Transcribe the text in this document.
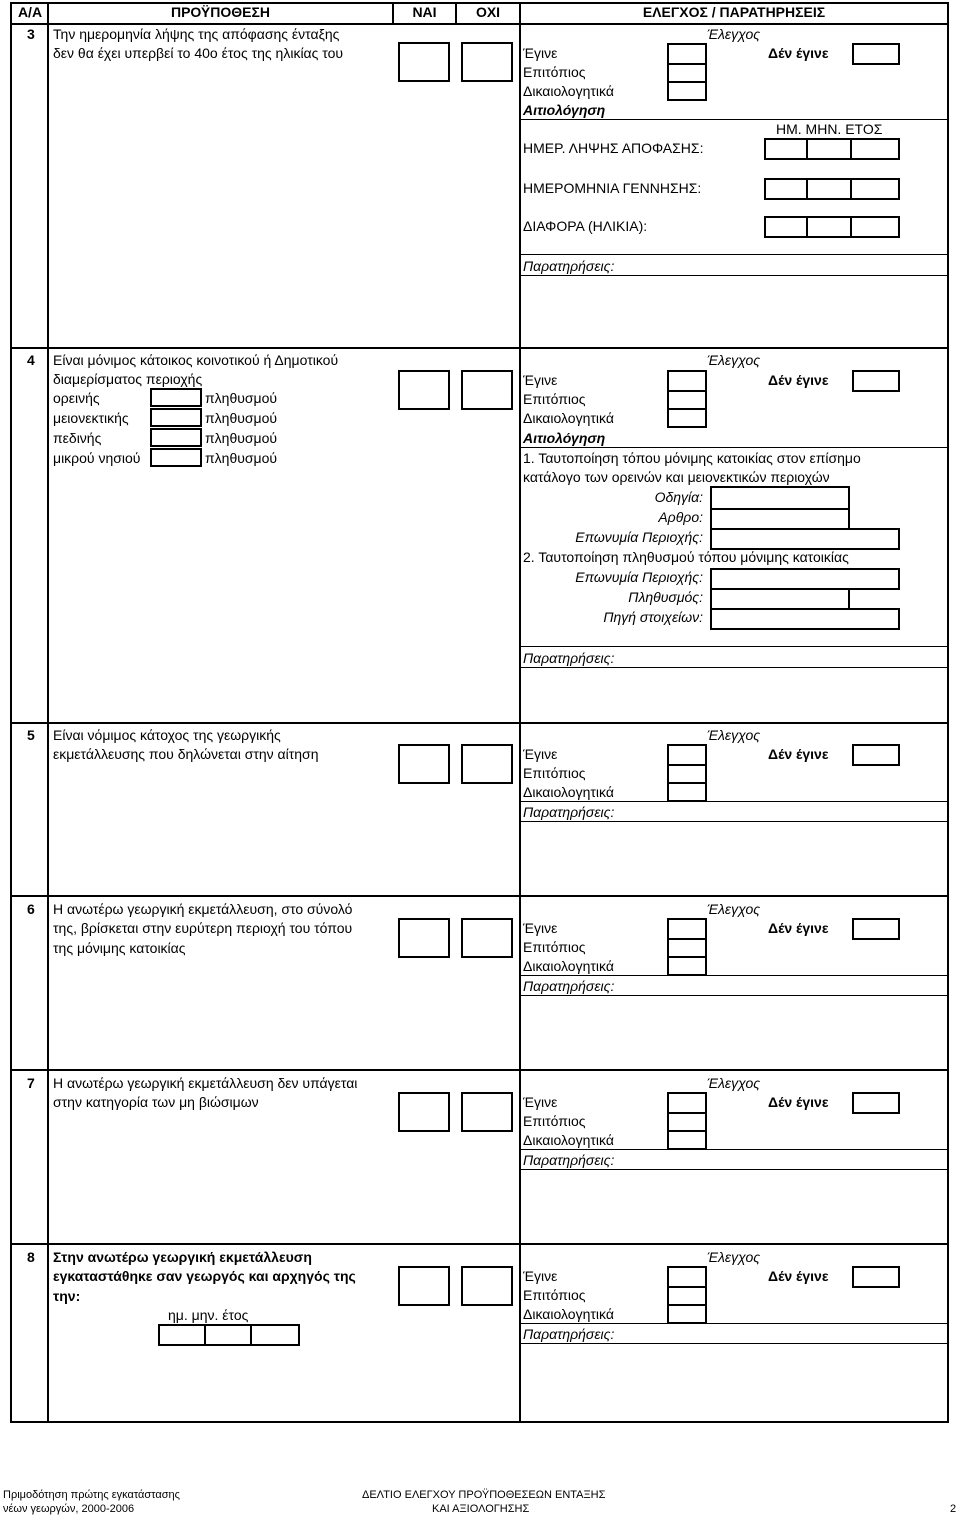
Α/Α	ΠΡΟΫΠΟΘΕΣΗ	ΝΑΙ	ΟΧΙ	ΕΛΕΓΧΟΣ / ΠΑΡΑΤΗΡΗΣΕΙΣ
3 Την ημερομηνία λήψης της απόφασης ένταξης
δεν θα έχει υπερβεί το 40ο έτος της ηλικίας του
Έλεγχος
Έγινε	Δέν έγινε
Επιτόπιος
Δικαιολογητικά
Αιτιολόγηση
ΗΜ. ΜΗΝ. ΕΤΟΣ
ΗΜΕΡ. ΛΗΨΗΣ ΑΠΟΦΑΣΗΣ:
ΗΜΕΡΟΜΗΝΙΑ ΓΕΝΝΗΣΗΣ:
ΔΙΑΦΟΡΑ (ΗΛΙΚΙΑ):
Παρατηρήσεις:
4 Είναι μόνιμος κάτοικος κοινοτικού ή Δημοτικού
διαμερίσματος περιοχής
ορεινής	πληθυσμού
μειονεκτικής	πληθυσμού
πεδινής	πληθυσμού
μικρού νησιού	πληθυσμού
Έλεγχος
Έγινε	Δέν έγινε
Επιτόπιος
Δικαιολογητικά
Αιτιολόγηση
1. Ταυτοποίηση τόπου μόνιμης κατοικίας στον επίσημο
κατάλογο των ορεινών και μειονεκτικών περιοχών
Οδηγία:
Αρθρο:
Επωνυμία Περιοχής:
2. Ταυτοποίηση πληθυσμού τόπου μόνιμης κατοικίας
Επωνυμία Περιοχής:
Πληθυσμός:
Πηγή στοιχείων:
Παρατηρήσεις:
5 Είναι νόμιμος κάτοχος της γεωργικής
εκμετάλλευσης που δηλώνεται στην αίτηση
Έλεγχος
Έγινε	Δέν έγινε
Επιτόπιος
Δικαιολογητικά
Παρατηρήσεις:
6 Η ανωτέρω γεωργική εκμετάλλευση, στο σύνολό
της, βρίσκεται στην ευρύτερη περιοχή του τόπου
της μόνιμης κατοικίας
Έλεγχος
Έγινε	Δέν έγινε
Επιτόπιος
Δικαιολογητικά
Παρατηρήσεις:
7 Η ανωτέρω γεωργική εκμετάλλευση δεν υπάγεται
στην κατηγορία των μη βιώσιμων
Έλεγχος
Έγινε	Δέν έγινε
Επιτόπιος
Δικαιολογητικά
Παρατηρήσεις:
8 Στην ανωτέρω γεωργική εκμετάλλευση
εγκαταστάθηκε σαν γεωργός και αρχηγός της
την:
ημ. μην. έτος
Έλεγχος
Έγινε	Δέν έγινε
Επιτόπιος
Δικαιολογητικά
Παρατηρήσεις:
Πριμοδότηση πρώτης εγκατάστασης
νέων γεωργών, 2000-2006
ΔΕΛΤΙΟ ΕΛΕΓΧΟΥ ΠΡΟΫΠΟΘΕΣΕΩΝ ΕΝΤΑΞΗΣ
ΚΑΙ ΑΞΙΟΛΟΓΗΣΗΣ	2
